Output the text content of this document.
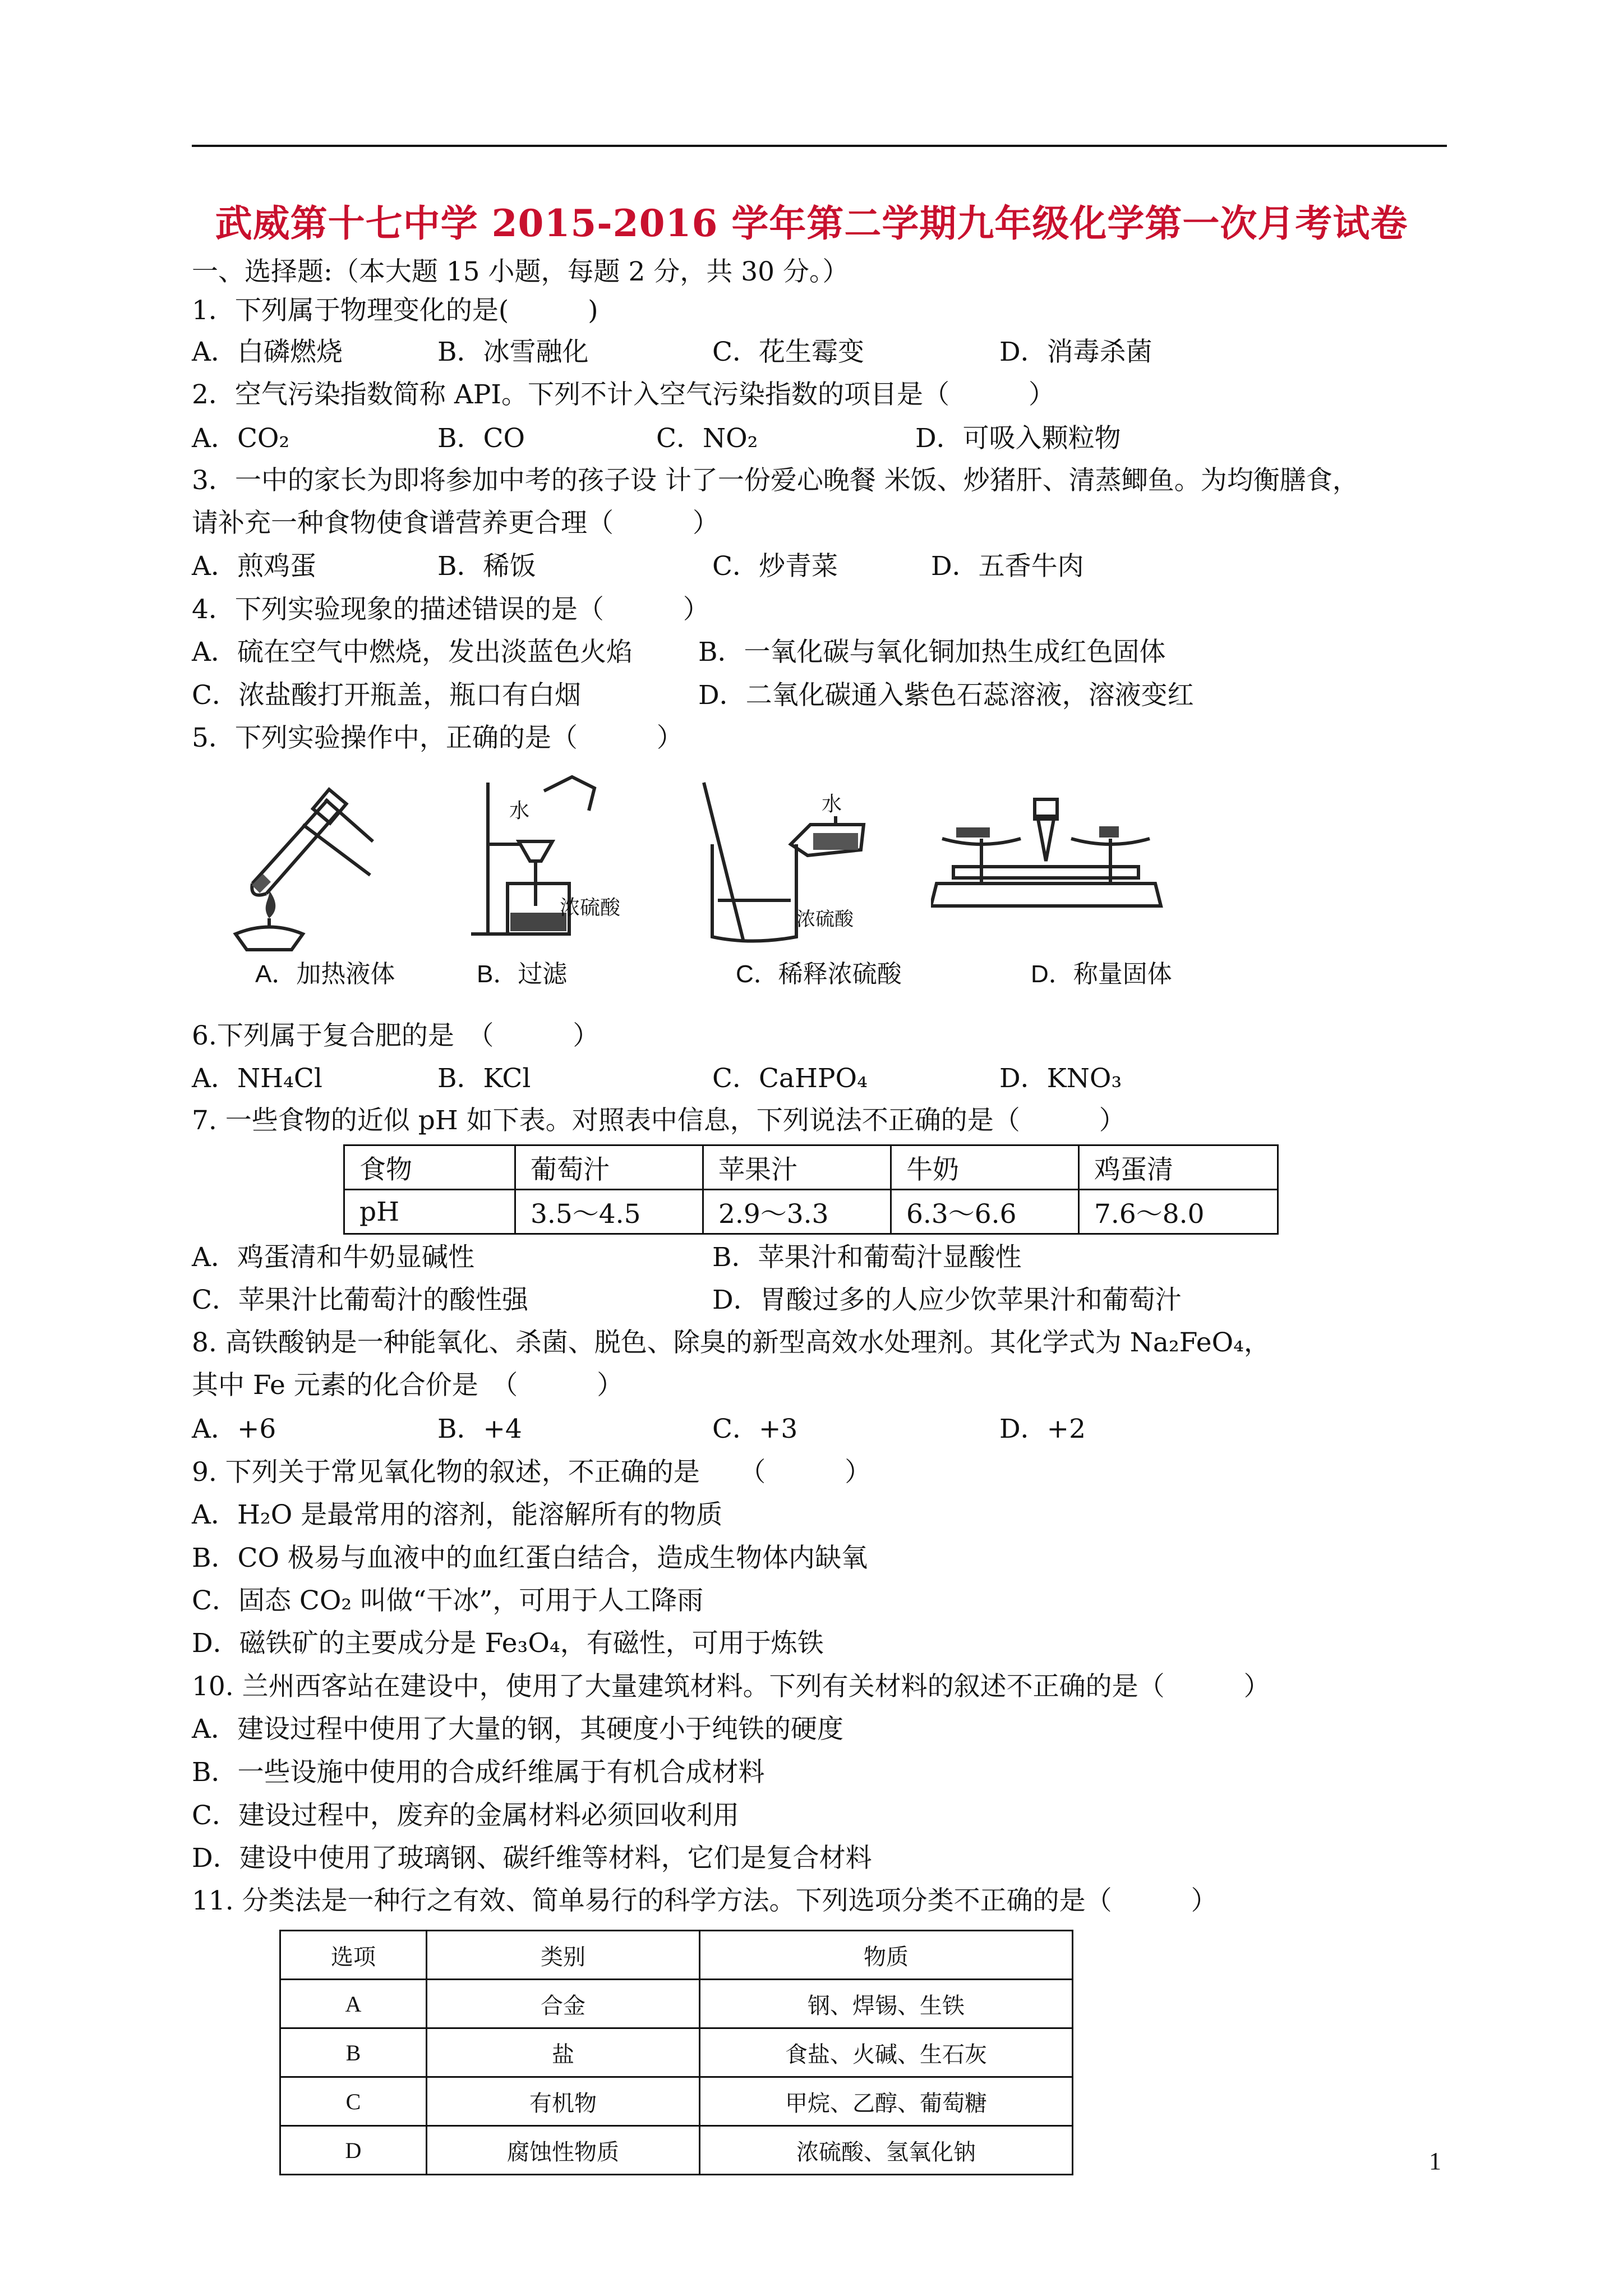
武威第十七中学 2015-2016 学年第二学期九年级化学第一次月考试卷
一、选择题:（本大题 15 小题，每题 2 分，共 30 分。）
1．下列属于物理变化的是(　　　)
A．白磷燃烧	B．冰雪融化	C．花生霉变	D．消毒杀菌
2．空气污染指数简称 API。下列不计入空气污染指数的项目是（　　　）
A．CO₂	B．CO	C．NO₂	D．可吸入颗粒物
3．一中的家长为即将参加中考的孩子设 计了一份爱心晚餐 米饭、炒猪肝、清蒸鲫鱼。为均衡膳食，
请补充一种食物使食谱营养更合理（　　　）
A．煎鸡蛋	B．稀饭	C．炒青菜	D．五香牛肉
4．下列实验现象的描述错误的是（　　　）
A．硫在空气中燃烧，发出淡蓝色火焰 B．一氧化碳与氧化铜加热生成红色固体
C．浓盐酸打开瓶盖，瓶口有白烟	D．二氧化碳通入紫色石蕊溶液，溶液变红
5．下列实验操作中，正确的是（　　　）
水
浓硫酸
水
浓硫酸
A．加热液体	B．过滤	C．稀释浓硫酸	D．称量固体
6.下列属于复合肥的是　（　　　）
A．NH₄Cl	B．KCl	C．CaHPO₄	D．KNO₃
7. 一些食物的近似 pH 如下表。对照表中信息，下列说法不正确的是（　　　）
食物	葡萄汁	苹果汁	牛奶	鸡蛋清
pH	3.5～4.5	2.9～3.3	6.3～6.6	7.6～8.0
A．鸡蛋清和牛奶显碱性	B．苹果汁和葡萄汁显酸性
C．苹果汁比葡萄汁的酸性强	D．胃酸过多的人应少饮苹果汁和葡萄汁
8. 高铁酸钠是一种能氧化、杀菌、脱色、除臭的新型高效水处理剂。其化学式为 Na₂FeO₄，
其中 Fe 元素的化合价是　（　　　）
A．+6	B．+4	C．+3	D．+2
9. 下列关于常见氧化物的叙述，不正确的是　　（　　　）
A．H₂O 是最常用的溶剂，能溶解所有的物质
B．CO 极易与血液中的血红蛋白结合，造成生物体内缺氧
C．固态 CO₂ 叫做“干冰”，可用于人工降雨
D．磁铁矿的主要成分是 Fe₃O₄，有磁性，可用于炼铁
10. 兰州西客站在建设中，使用了大量建筑材料。下列有关材料的叙述不正确的是（　　　）
A．建设过程中使用了大量的钢，其硬度小于纯铁的硬度
B．一些设施中使用的合成纤维属于有机合成材料
C．建设过程中，废弃的金属材料必须回收利用
D．建设中使用了玻璃钢、碳纤维等材料，它们是复合材料
11. 分类法是一种行之有效、简单易行的科学方法。下列选项分类不正确的是（　　　）
选项	类别	物质
A	合金	钢、焊锡、生铁
B	盐	食盐、火碱、生石灰
C	有机物	甲烷、乙醇、葡萄糖
D	腐蚀性物质	浓硫酸、氢氧化钠	1
